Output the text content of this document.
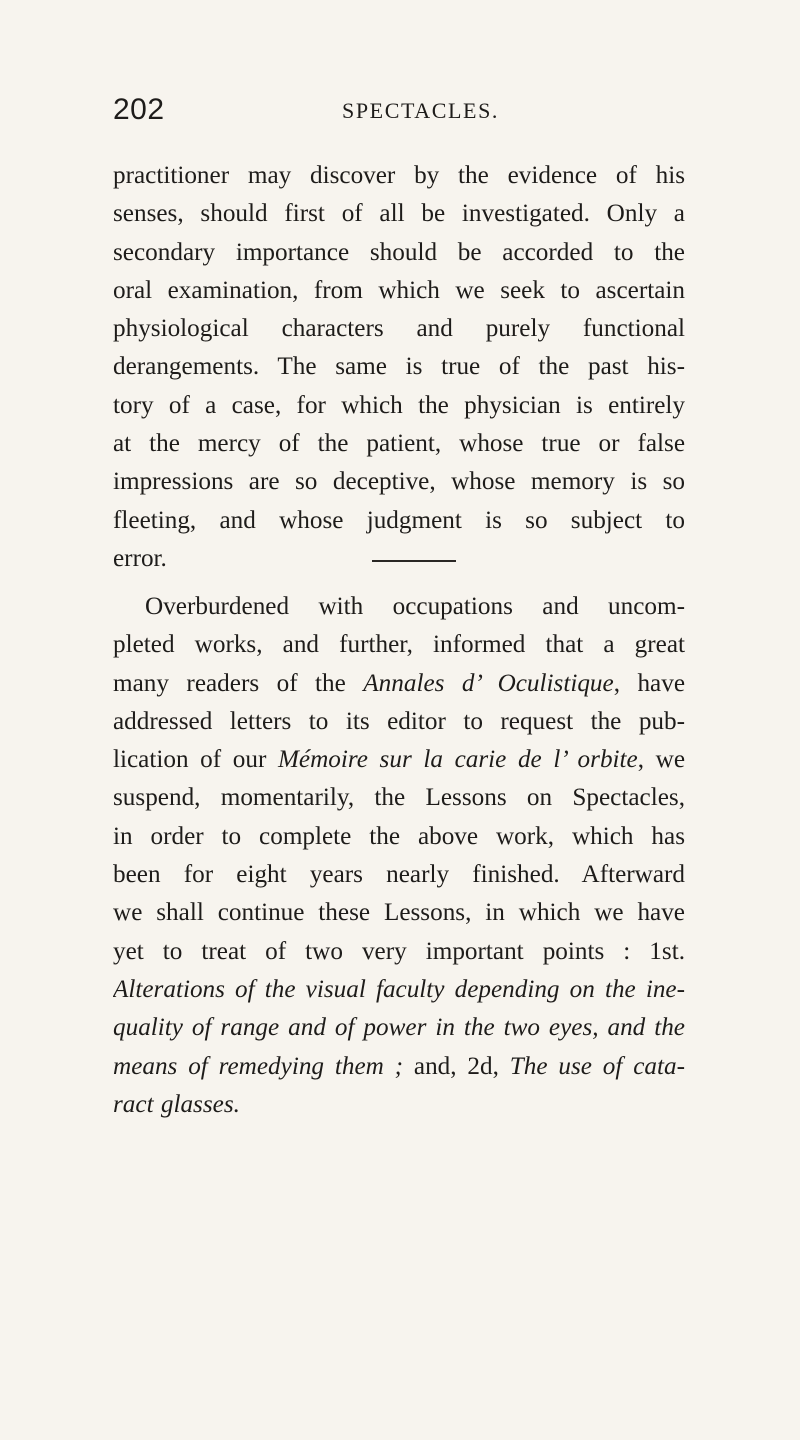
202	SPECTACLES.
practitioner may discover by the evidence of his
senses, should first of all be investigated. Only a
secondary importance should be accorded to the
oral examination, from which we seek to ascertain
physiological characters and purely functional
derangements. The same is true of the past his-
tory of a case, for which the physician is entirely
at the mercy of the patient, whose true or false
impressions are so deceptive, whose memory is so
fleeting, and whose judgment is so subject to
error.
Overburdened with occupations and uncom-
pleted works, and further, informed that a great
many readers of the Annales d’ Oculistique, have
addressed letters to its editor to request the pub-
lication of our Mémoire sur la carie de l’ orbite, we
suspend, momentarily, the Lessons on Spectacles,
in order to complete the above work, which has
been for eight years nearly finished. Afterward
we shall continue these Lessons, in which we have
yet to treat of two very important points : 1st.
Alterations of the visual faculty depending on the ine-
quality of range and of power in the two eyes, and the
means of remedying them ; and, 2d, The use of cata-
ract glasses.
